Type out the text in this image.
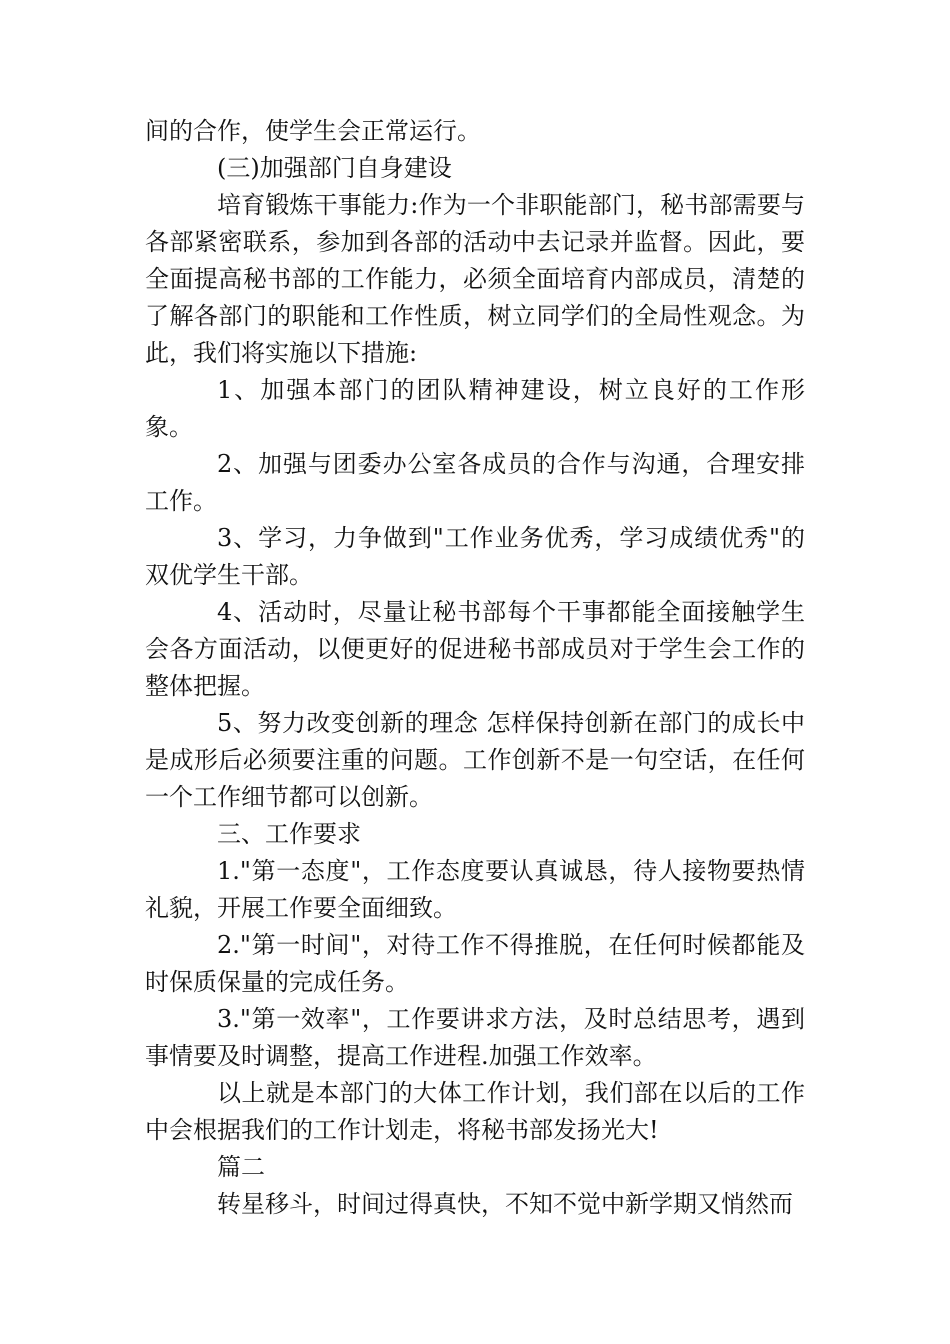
间的合作，使学生会正常运行。

(三)加强部门自身建设

培育锻炼干事能力:作为一个非职能部门，秘书部需要与各部紧密联系，参加到各部的活动中去记录并监督。因此，要全面提高秘书部的工作能力，必须全面培育内部成员，清楚的了解各部门的职能和工作性质，树立同学们的全局性观念。为此，我们将实施以下措施:

1、加强本部门的团队精神建设，树立良好的工作形象。

2、加强与团委办公室各成员的合作与沟通，合理安排工作。

3、学习，力争做到"工作业务优秀，学习成绩优秀"的双优学生干部。

4、活动时，尽量让秘书部每个干事都能全面接触学生会各方面活动，以便更好的促进秘书部成员对于学生会工作的整体把握。

5、努力改变创新的理念 怎样保持创新在部门的成长中是成形后必须要注重的问题。工作创新不是一句空话，在任何一个工作细节都可以创新。

三、工作要求

1."第一态度"，工作态度要认真诚恳，待人接物要热情礼貌，开展工作要全面细致。

2."第一时间"，对待工作不得推脱，在任何时候都能及时保质保量的完成任务。

3."第一效率"，工作要讲求方法，及时总结思考，遇到事情要及时调整，提高工作进程.加强工作效率。

以上就是本部门的大体工作计划，我们部在以后的工作中会根据我们的工作计划走，将秘书部发扬光大!

篇二

转星移斗，时间过得真快，不知不觉中新学期又悄然而
